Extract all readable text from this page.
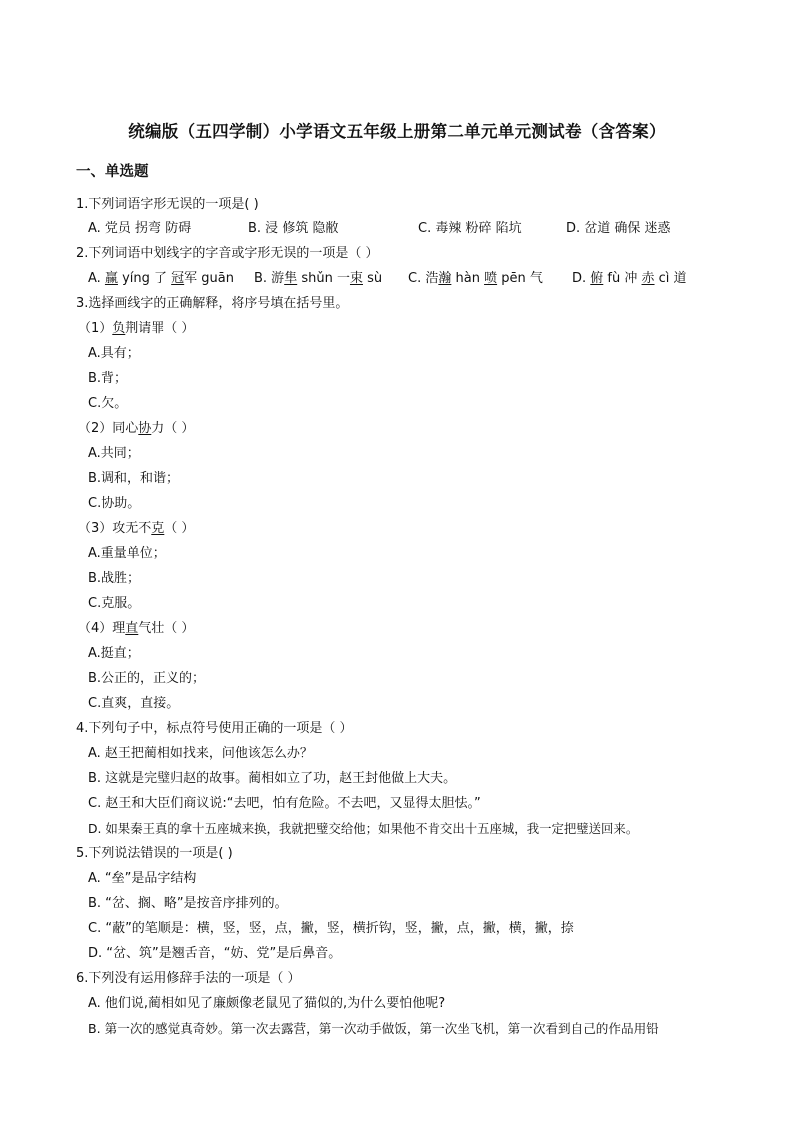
统编版（五四学制）小学语文五年级上册第二单元单元测试卷（含答案）
一、单选题
1.下列词语字形无误的一项是( )
A. 党员 拐弯 防碍	B. 浸 修筑 隐敝	C. 毒辣 粉碎 陷坑	D. 岔道 确保 迷惑
2.下列词语中划线字的字音或字形无误的一项是（ ）
A. 赢 yíng 了 冠军 guān B. 游隼 shǔn 一束 sù C. 浩瀚 hàn 喷 pēn 气 D. 俯 fù 冲 赤 cì 道
3.选择画线字的正确解释，将序号填在括号里。
（1）负荆请罪（ ）
A.具有；
B.背；
C.欠。
（2）同心协力（ ）
A.共同；
B.调和，和谐；
C.协助。
（3）攻无不克（ ）
A.重量单位；
B.战胜；
C.克服。
（4）理直气壮（ ）
A.挺直；
B.公正的，正义的；
C.直爽，直接。
4.下列句子中，标点符号使用正确的一项是（ ）
A. 赵王把蔺相如找来，问他该怎么办？
B. 这就是完璧归赵的故事。蔺相如立了功，赵王封他做上大夫。
C. 赵王和大臣们商议说:“去吧，怕有危险。不去吧，又显得太胆怯。”
D. 如果秦王真的拿十五座城来换，我就把璧交给他；如果他不肯交出十五座城，我一定把璧送回来。
5.下列说法错误的一项是( )
A. “垒”是品字结构
B. “岔、搁、略”是按音序排列的。
C. “蔽”的笔顺是：横，竖，竖，点，撇，竖，横折钩，竖，撇，点，撇，横，撇，捺
D. “岔、筑”是翘舌音，“妨、党”是后鼻音。
6.下列没有运用修辞手法的一项是（ ）
A. 他们说,蔺相如见了廉颇像老鼠见了猫似的,为什么要怕他呢?
B. 第一次的感觉真奇妙。第一次去露营，第一次动手做饭，第一次坐飞机，第一次看到自己的作品用铅
